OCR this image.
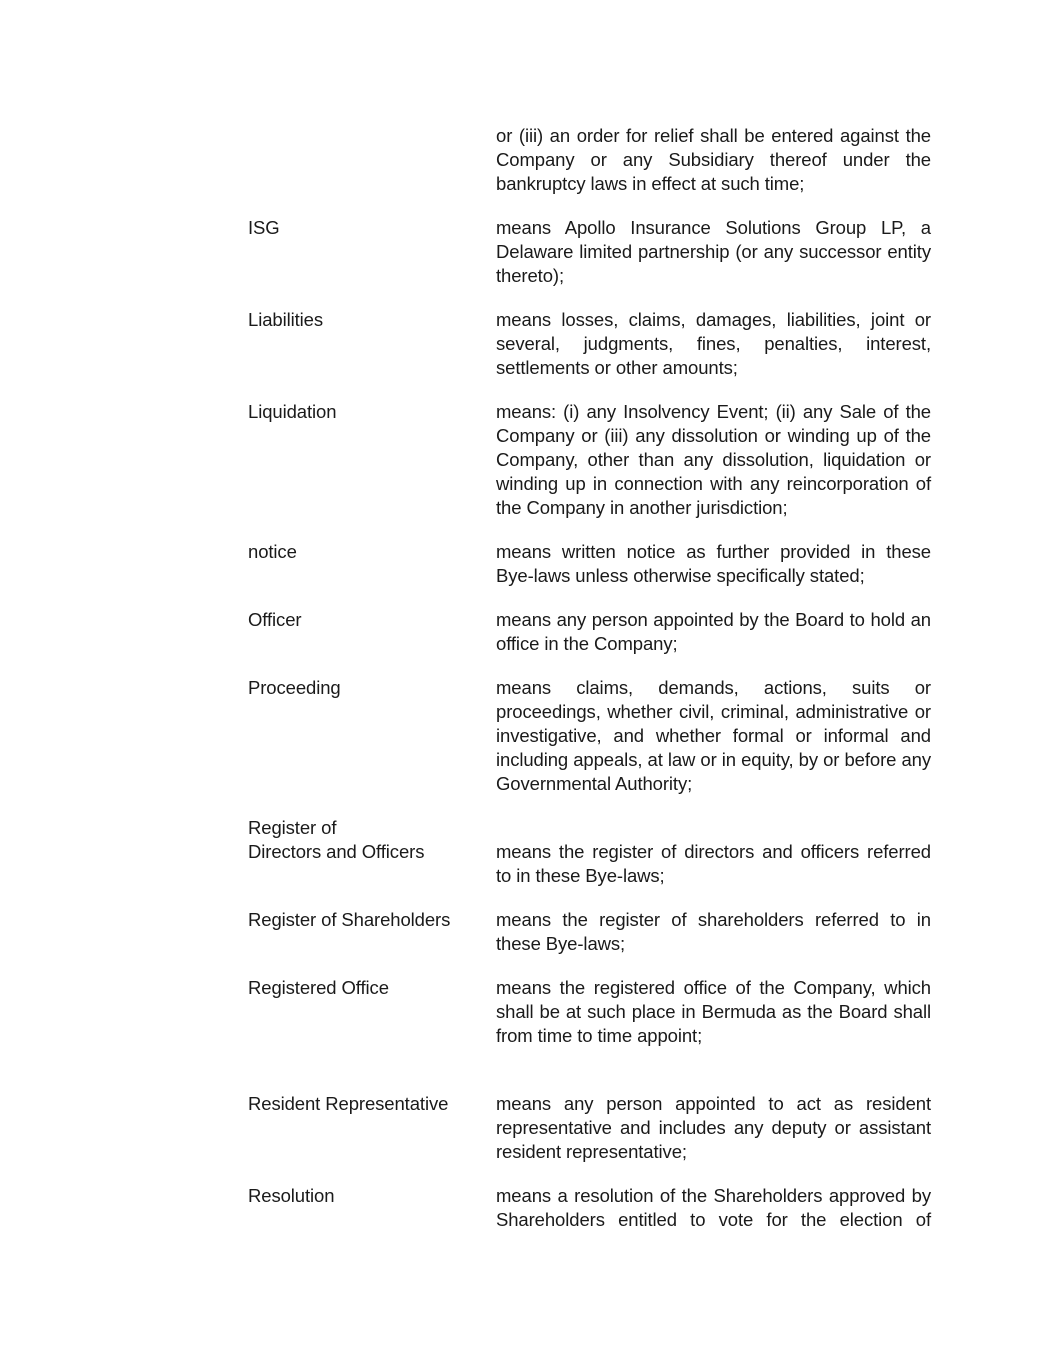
or (iii) an order for relief shall be entered against the Company or any Subsidiary thereof under the bankruptcy laws in effect at such time;
ISG	means Apollo Insurance Solutions Group LP, a Delaware limited partnership (or any successor entity thereto);
Liabilities	means losses, claims, damages, liabilities, joint or several, judgments, fines, penalties, interest, settlements or other amounts;
Liquidation	means: (i) any Insolvency Event; (ii) any Sale of the Company or (iii) any dissolution or winding up of the Company, other than any dissolution, liquidation or winding up in connection with any reincorporation of the Company in another jurisdiction;
notice	means written notice as further provided in these Bye-laws unless otherwise specifically stated;
Officer	means any person appointed by the Board to hold an office in the Company;
Proceeding	means claims, demands, actions, suits or proceedings, whether civil, criminal, administrative or investigative, and whether formal or informal and including appeals, at law or in equity, by or before any Governmental Authority;
Register of
Directors and Officers	means the register of directors and officers referred to in these Bye-laws;
Register of Shareholders	means the register of shareholders referred to in these Bye-laws;
Registered Office	means the registered office of the Company, which shall be at such place in Bermuda as the Board shall from time to time appoint;
Resident Representative	means any person appointed to act as resident representative and includes any deputy or assistant resident representative;
Resolution	means a resolution of the Shareholders approved by Shareholders entitled to vote for the election of
